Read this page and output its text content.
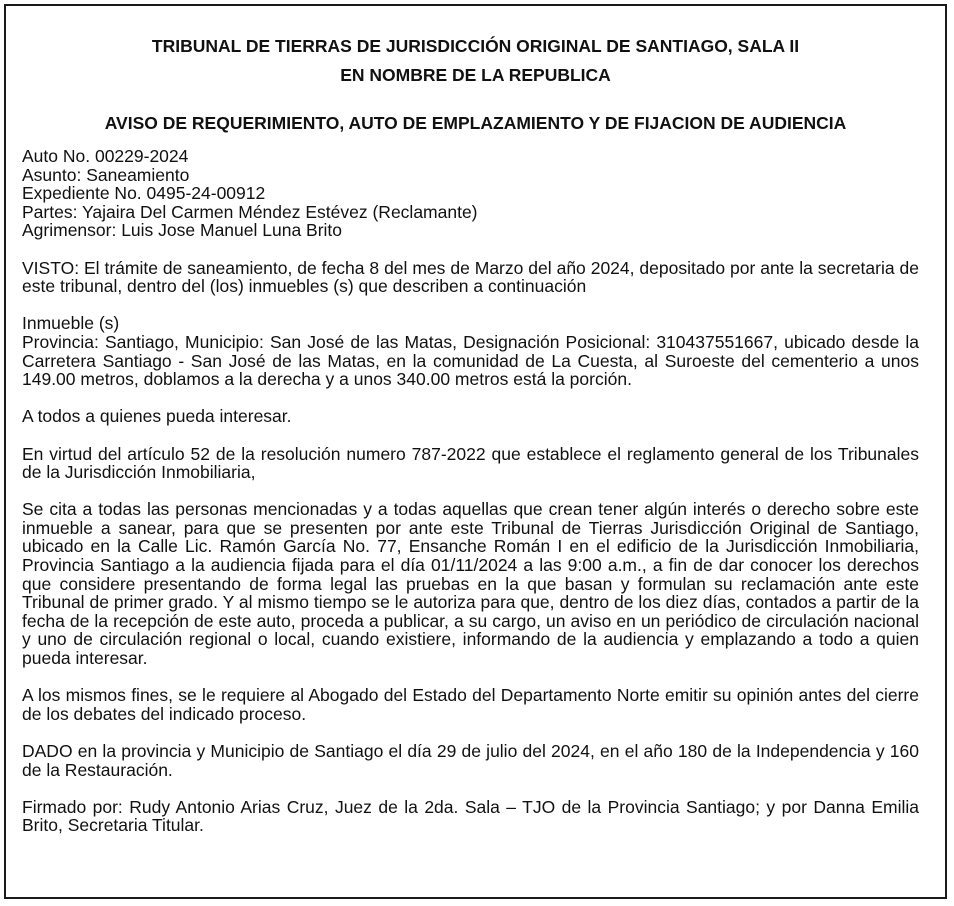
TRIBUNAL DE TIERRAS DE JURISDICCIÓN ORIGINAL DE SANTIAGO, SALA II
EN NOMBRE DE LA REPUBLICA
AVISO DE REQUERIMIENTO, AUTO DE EMPLAZAMIENTO Y DE FIJACION DE AUDIENCIA

Auto No. 00229-2024

Asunto: Saneamiento

Expediente No. 0495-24-00912

Partes: Yajaira Del Carmen Méndez Estévez (Reclamante)

Agrimensor: Luis Jose Manuel Luna Brito

VISTO: El trámite de saneamiento, de fecha 8 del mes de Marzo del año 2024, depositado por ante la secretaria de este tribunal, dentro del (los) inmuebles (s) que describen a continuación

Inmueble (s)

Provincia: Santiago, Municipio: San José de las Matas, Designación Posicional: 310437551667, ubicado desde la Carretera Santiago - San José de las Matas, en la comunidad de La Cuesta, al Suroeste del cementerio a unos 149.00 metros, doblamos a la derecha y a unos 340.00 metros está la porción.

A todos a quienes pueda interesar.

En virtud del artículo 52 de la resolución numero 787-2022 que establece el reglamento general de los Tribunales de la Jurisdicción Inmobiliaria,

Se cita a todas las personas mencionadas y a todas aquellas que crean tener algún interés o derecho sobre este inmueble a sanear, para que se presenten por ante este Tribunal de Tierras Jurisdicción Original de Santiago, ubicado en la Calle Lic. Ramón García No. 77, Ensanche Román I en el edificio de la Jurisdicción Inmobiliaria, Provincia Santiago a la audiencia fijada para el día 01/11/2024 a las 9:00 a.m., a fin de dar conocer los derechos que considere presentando de forma legal las pruebas en la que basan y formulan su reclamación ante este Tribunal de primer grado. Y al mismo tiempo se le autoriza para que, dentro de los diez días, contados a partir de la fecha de la recepción de este auto, proceda a publicar, a su cargo, un aviso en un periódico de circulación nacional y uno de circulación regional o local, cuando existiere, informando de la audiencia y emplazando a todo a quien pueda interesar.

A los mismos fines, se le requiere al Abogado del Estado del Departamento Norte emitir su opinión antes del cierre de los debates del indicado proceso.

DADO en la provincia y Municipio de Santiago el día 29 de julio del 2024, en el año 180 de la Independencia y 160 de la Restauración.

Firmado por: Rudy Antonio Arias Cruz, Juez de la 2da. Sala – TJO de la Provincia Santiago; y por Danna Emilia Brito, Secretaria Titular.
